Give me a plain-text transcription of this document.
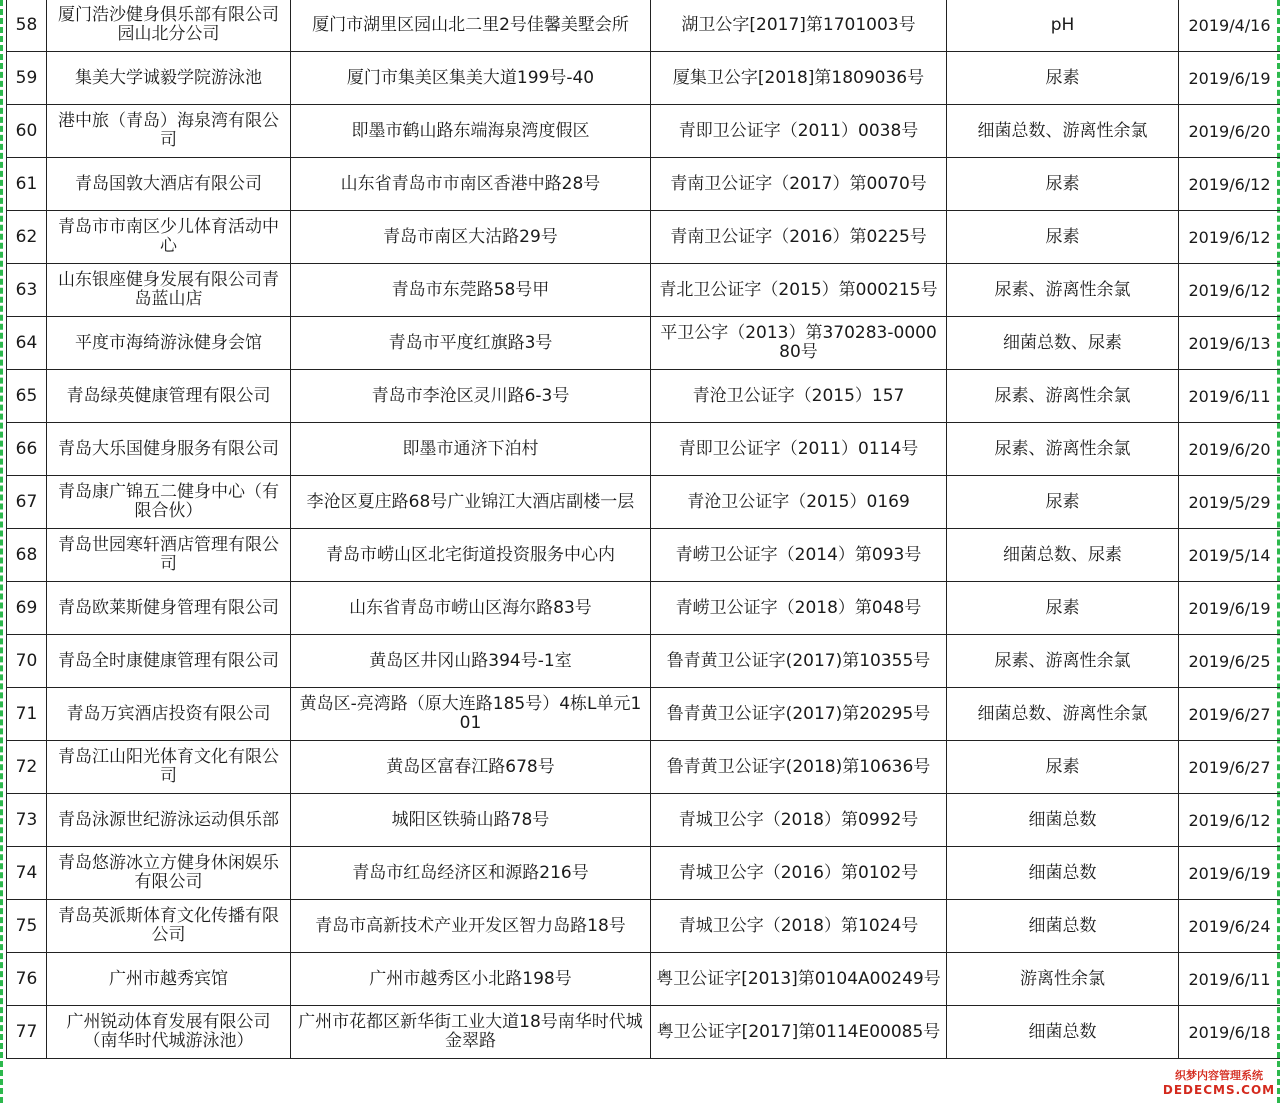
58	厦门浩沙健身俱乐部有限公司园山北分公司	厦门市湖里区园山北二里2号佳馨美墅会所	湖卫公字[2017]第1701003号	pH	2019/4/16
59	集美大学诚毅学院游泳池	厦门市集美区集美大道199号-40	厦集卫公字[2018]第1809036号	尿素	2019/6/19
60	港中旅（青岛）海泉湾有限公司	即墨市鹤山路东端海泉湾度假区	青即卫公证字（2011）0038号	细菌总数、游离性余氯	2019/6/20
61	青岛国敦大酒店有限公司	山东省青岛市市南区香港中路28号	青南卫公证字（2017）第0070号	尿素	2019/6/12
62	青岛市市南区少儿体育活动中心	青岛市南区大沽路29号	青南卫公证字（2016）第0225号	尿素	2019/6/12
63	山东银座健身发展有限公司青岛蓝山店	青岛市东莞路58号甲	青北卫公证字（2015）第000215号	尿素、游离性余氯	2019/6/12
64	平度市海绮游泳健身会馆	青岛市平度红旗路3号	平卫公字（2013）第370283-000080号	细菌总数、尿素	2019/6/13
65	青岛绿英健康管理有限公司	青岛市李沧区灵川路6-3号	青沧卫公证字（2015）157	尿素、游离性余氯	2019/6/11
66	青岛大乐国健身服务有限公司	即墨市通济下泊村	青即卫公证字（2011）0114号	尿素、游离性余氯	2019/6/20
67	青岛康广锦五二健身中心（有限合伙）	李沧区夏庄路68号广业锦江大酒店副楼一层	青沧卫公证字（2015）0169	尿素	2019/5/29
68	青岛世园寒轩酒店管理有限公司	青岛市崂山区北宅街道投资服务中心内	青崂卫公证字（2014）第093号	细菌总数、尿素	2019/5/14
69	青岛欧莱斯健身管理有限公司	山东省青岛市崂山区海尔路83号	青崂卫公证字（2018）第048号	尿素	2019/6/19
70	青岛全时康健康管理有限公司	黄岛区井冈山路394号-1室	鲁青黄卫公证字(2017)第10355号	尿素、游离性余氯	2019/6/25
71	青岛万宾酒店投资有限公司	黄岛区-亮湾路（原大连路185号）4栋L单元101	鲁青黄卫公证字(2017)第20295号	细菌总数、游离性余氯	2019/6/27
72	青岛江山阳光体育文化有限公司	黄岛区富春江路678号	鲁青黄卫公证字(2018)第10636号	尿素	2019/6/27
73	青岛泳源世纪游泳运动俱乐部	城阳区铁骑山路78号	青城卫公字（2018）第0992号	细菌总数	2019/6/12
74	青岛悠游冰立方健身休闲娱乐有限公司	青岛市红岛经济区和源路216号	青城卫公字（2016）第0102号	细菌总数	2019/6/19
75	青岛英派斯体育文化传播有限公司	青岛市高新技术产业开发区智力岛路18号	青城卫公字（2018）第1024号	细菌总数	2019/6/24
76	广州市越秀宾馆	广州市越秀区小北路198号	粤卫公证字[2013]第0104A00249号	游离性余氯	2019/6/11
77	广州锐动体育发展有限公司（南华时代城游泳池）	广州市花都区新华街工业大道18号南华时代城金翠路	粤卫公证字[2017]第0114E00085号	细菌总数	2019/6/18
织梦内容管理系统
DEDECMS.COM
